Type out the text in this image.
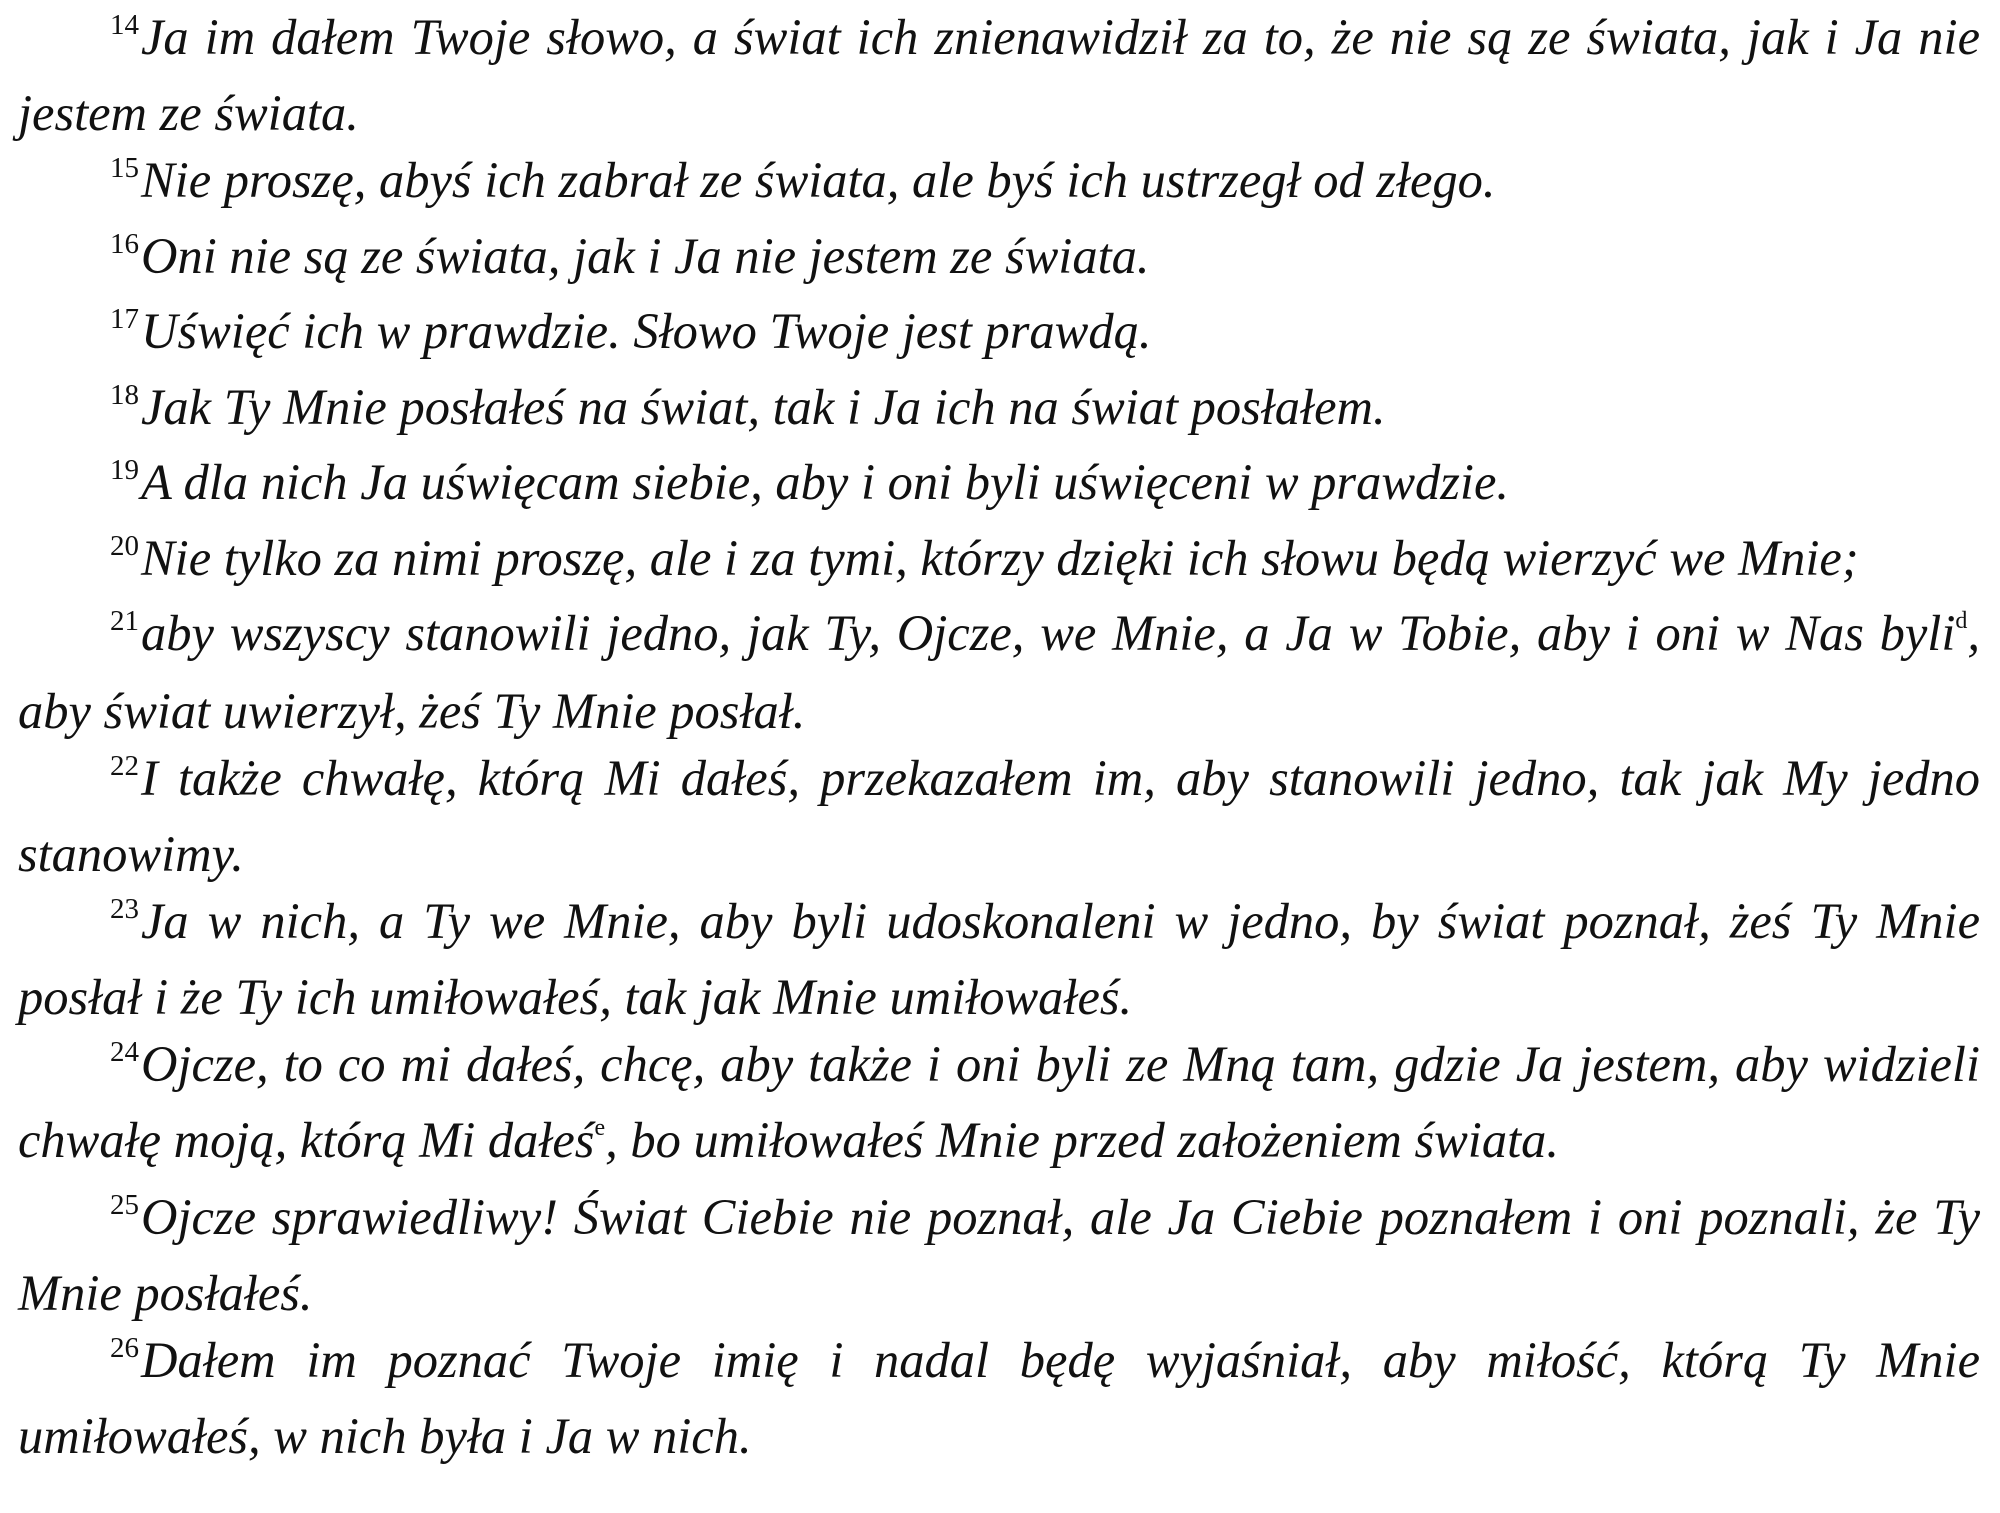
$^{14}$Ja im dałem Twoje słowo, a świat ich znienawidził za to, że nie są ze świata, jak i Ja nie jestem ze świata.

$^{15}$Nie proszę, abyś ich zabrał ze świata, ale byś ich ustrzegł od złego.

$^{16}$Oni nie są ze świata, jak i Ja nie jestem ze świata.

$^{17}$Uświęć ich w prawdzie. Słowo Twoje jest prawdą.

$^{18}$Jak Ty Mnie posłałeś na świat, tak i Ja ich na świat posłałem.

$^{19}$A dla nich Ja uświęcam siebie, aby i oni byli uświęceni w prawdzie.

$^{20}$Nie tylko za nimi proszę, ale i za tymi, którzy dzięki ich słowu będą wierzyć we Mnie;

$^{21}$aby wszyscy stanowili jedno, jak Ty, Ojcze, we Mnie, a Ja w Tobie, aby i oni w Nas byli$^d$, aby świat uwierzył, żeś Ty Mnie posłał.

$^{22}$I także chwałę, którą Mi dałeś, przekazałem im, aby stanowili jedno, tak jak My jedno stanowimy.

$^{23}$Ja w nich, a Ty we Mnie, aby byli udoskonaleni w jedno, by świat poznał, żeś Ty Mnie posłał i że Ty ich umiłowałeś, tak jak Mnie umiłowałeś.

$^{24}$Ojcze, to co mi dałeś, chcę, aby także i oni byli ze Mną tam, gdzie Ja jestem, aby widzieli chwałę moją, którą Mi dałeś$^e$, bo umiłowałeś Mnie przed założeniem świata.

$^{25}$Ojcze sprawiedliwy! Świat Ciebie nie poznał, ale Ja Ciebie poznałem i oni poznali, że Ty Mnie posłałeś.

$^{26}$Dałem im poznać Twoje imię i nadal będę wyjaśniał, aby miłość, którą Ty Mnie umiłowałeś, w nich była i Ja w nich.
